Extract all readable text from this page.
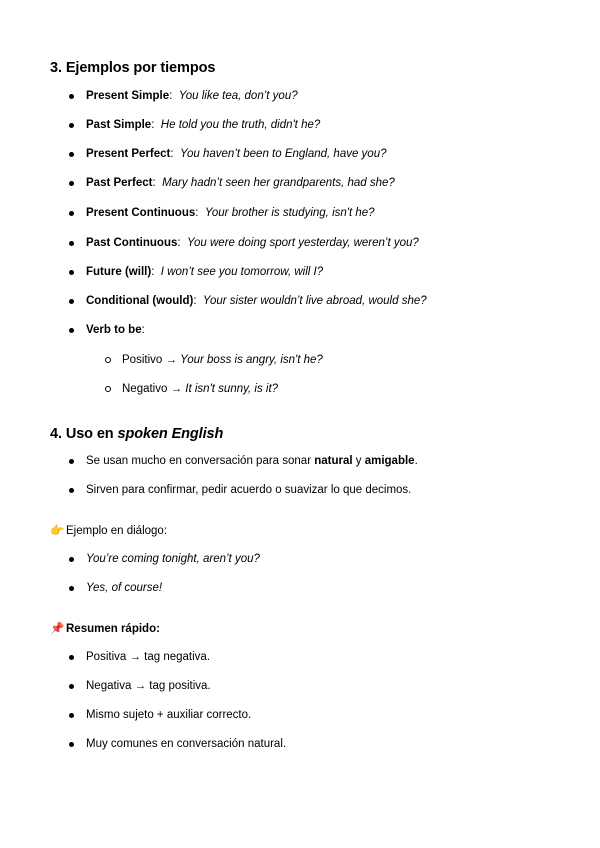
3. Ejemplos por tiempos
Present Simple: You like tea, don’t you?
Past Simple: He told you the truth, didn't he?
Present Perfect: You haven’t been to England, have you?
Past Perfect: Mary hadn’t seen her grandparents, had she?
Present Continuous: Your brother is studying, isn't he?
Past Continuous: You were doing sport yesterday, weren’t you?
Future (will): I won’t see you tomorrow, will I?
Conditional (would): Your sister wouldn’t live abroad, would she?
Verb to be:
Positivo → Your boss is angry, isn't he?
Negativo → It isn't sunny, is it?
4. Uso en spoken English
Se usan mucho en conversación para sonar natural y amigable.
Sirven para confirmar, pedir acuerdo o suavizar lo que decimos.
👉 Ejemplo en diálogo:
You’re coming tonight, aren’t you?
Yes, of course!
📌 Resumen rápido:
Positiva → tag negativa.
Negativa → tag positiva.
Mismo sujeto + auxiliar correcto.
Muy comunes en conversación natural.
